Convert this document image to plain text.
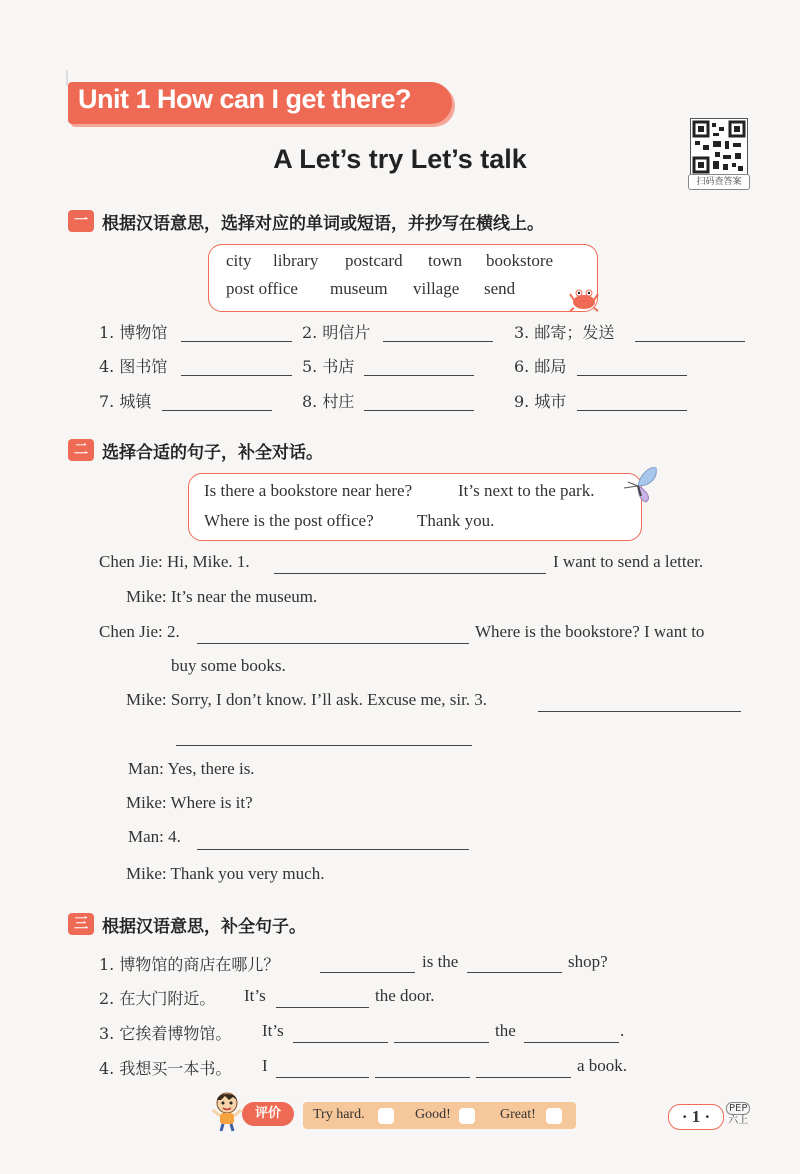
Unit 1 How can I get there?
A Let’s try Let’s talk
扫码查答案
一 根据汉语意思，选择对应的单词或短语，并抄写在横线上。
city library postcard town bookstore
post office museum village send
1. 博物馆	2. 明信片	3. 邮寄；发送
4. 图书馆	5. 书店	6. 邮局
7. 城镇	8. 村庄	9. 城市
二 选择合适的句子，补全对话。
Is there a bookstore near here?	It’s next to the park.
Where is the post office?	Thank you.
Chen Jie: Hi, Mike. 1.	I want to send a letter.
Mike: It’s near the museum.
Chen Jie: 2.	Where is the bookstore? I want to
buy some books.
Mike: Sorry, I don’t know. I’ll ask. Excuse me, sir. 3.
Man: Yes, there is.
Mike: Where is it?
Man: 4.
Mike: Thank you very much.
三 根据汉语意思，补全句子。
1. 博物馆的商店在哪儿？	is the	shop?
2. 在大门附近。 It’s	the door.
3. 它挨着博物馆。 It’s	the	.
4. 我想买一本书。 I	a book.
评价	Try hard.	Good!	Great!	· 1 ·	PEP
六上
